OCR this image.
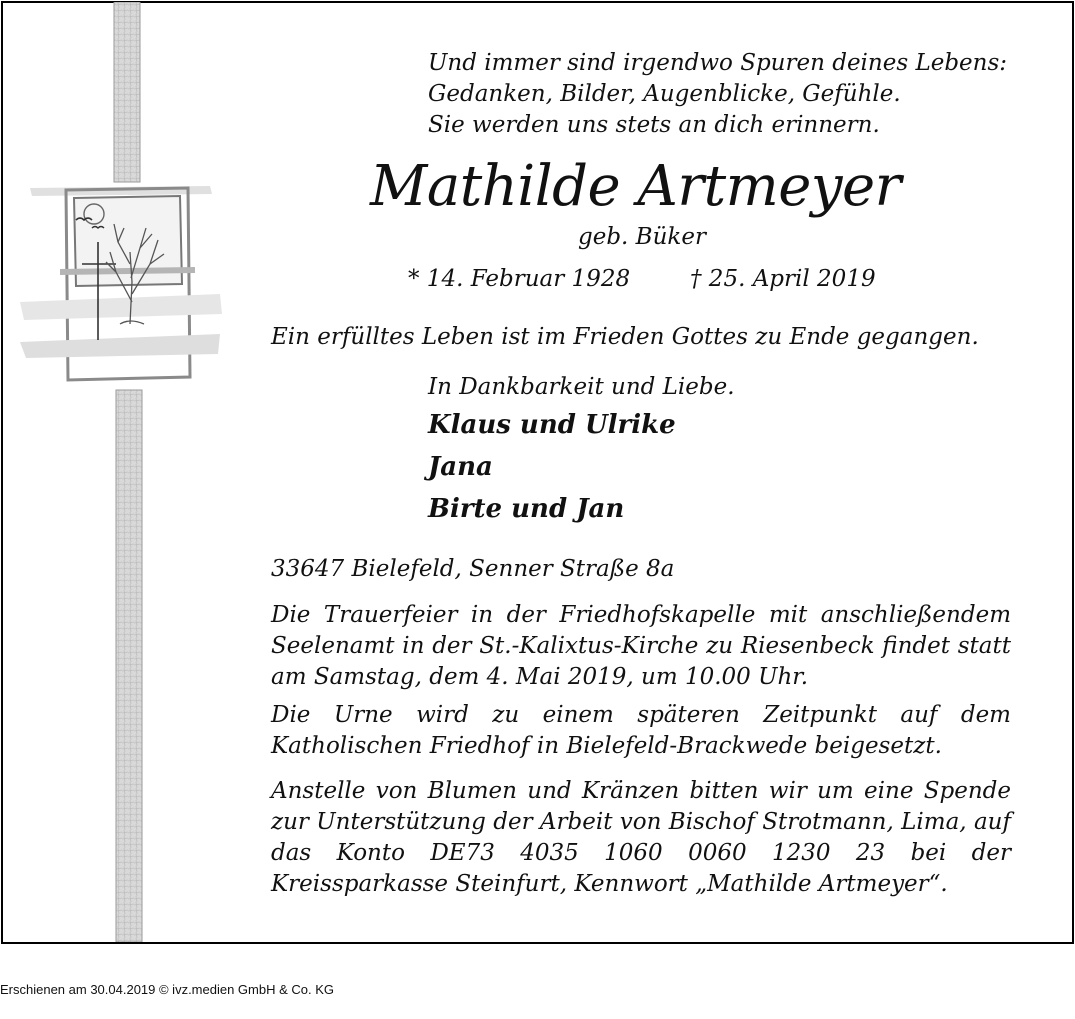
Und immer sind irgendwo Spuren deines Lebens:
Gedanken, Bilder, Augenblicke, Gefühle.
Sie werden uns stets an dich erinnern.
Mathilde Artmeyer
geb. Büker
* 14. Februar 1928	† 25. April 2019
Ein erfülltes Leben ist im Frieden Gottes zu Ende gegangen.
In Dankbarkeit und Liebe.
Klaus und Ulrike
Jana
Birte und Jan
33647 Bielefeld, Senner Straße 8a
Die Trauerfeier in der Friedhofskapelle mit anschließendem Seelenamt in der St.-Kalixtus-Kirche zu Riesenbeck findet statt am Samstag, dem 4. Mai 2019, um 10.00 Uhr.
Die Urne wird zu einem späteren Zeitpunkt auf dem Katholischen Friedhof in Bielefeld-Brackwede beigesetzt.
Anstelle von Blumen und Kränzen bitten wir um eine Spende zur Unterstützung der Arbeit von Bischof Strotmann, Lima, auf das Konto DE73 4035 1060 0060 1230 23 bei der Kreissparkasse Steinfurt, Kennwort „Mathilde Artmeyer“.
Erschienen am 30.04.2019 © ivz.medien GmbH & Co. KG
